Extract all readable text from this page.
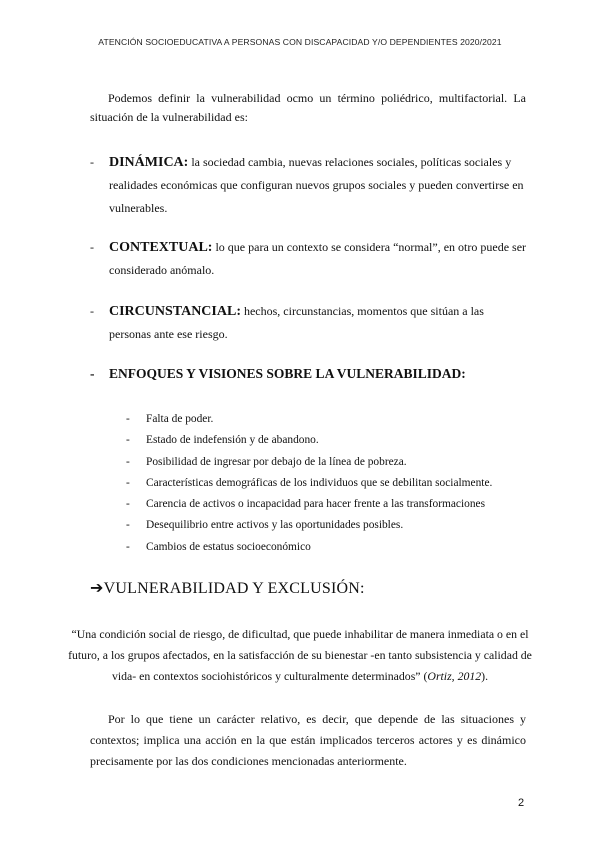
ATENCIÓN SOCIOEDUCATIVA A PERSONAS CON DISCAPACIDAD Y/O DEPENDIENTES 2020/2021
Podemos definir la vulnerabilidad ocmo un término poliédrico, multifactorial. La situación de la vulnerabilidad es:
- DINÁMICA: la sociedad cambia, nuevas relaciones sociales, políticas sociales y realidades económicas que configuran nuevos grupos sociales y pueden convertirse en vulnerables.
- CONTEXTUAL: lo que para un contexto se considera “normal”, en otro puede ser considerado anómalo.
- CIRCUNSTANCIAL: hechos, circunstancias, momentos que sitúan a las personas ante ese riesgo.
- ENFOQUES Y VISIONES SOBRE LA VULNERABILIDAD:
- Falta de poder.
- Estado de indefensión y de abandono.
- Posibilidad de ingresar por debajo de la línea de pobreza.
- Características demográficas de los individuos que se debilitan socialmente.
- Carencia de activos o incapacidad para hacer frente a las transformaciones
- Desequilibrio entre activos y las oportunidades posibles.
- Cambios de estatus socioeconómico
➔VULNERABILIDAD Y EXCLUSIÓN:
“Una condición social de riesgo, de dificultad, que puede inhabilitar de manera inmediata o en el futuro, a los grupos afectados, en la satisfacción de su bienestar -en tanto subsistencia y calidad de vida- en contextos sociohistóricos y culturalmente determinados” (Ortiz, 2012).
Por lo que tiene un carácter relativo, es decir, que depende de las situaciones y contextos; implica una acción en la que están implicados terceros actores y es dinámico precisamente por las dos condiciones mencionadas anteriormente.
2
